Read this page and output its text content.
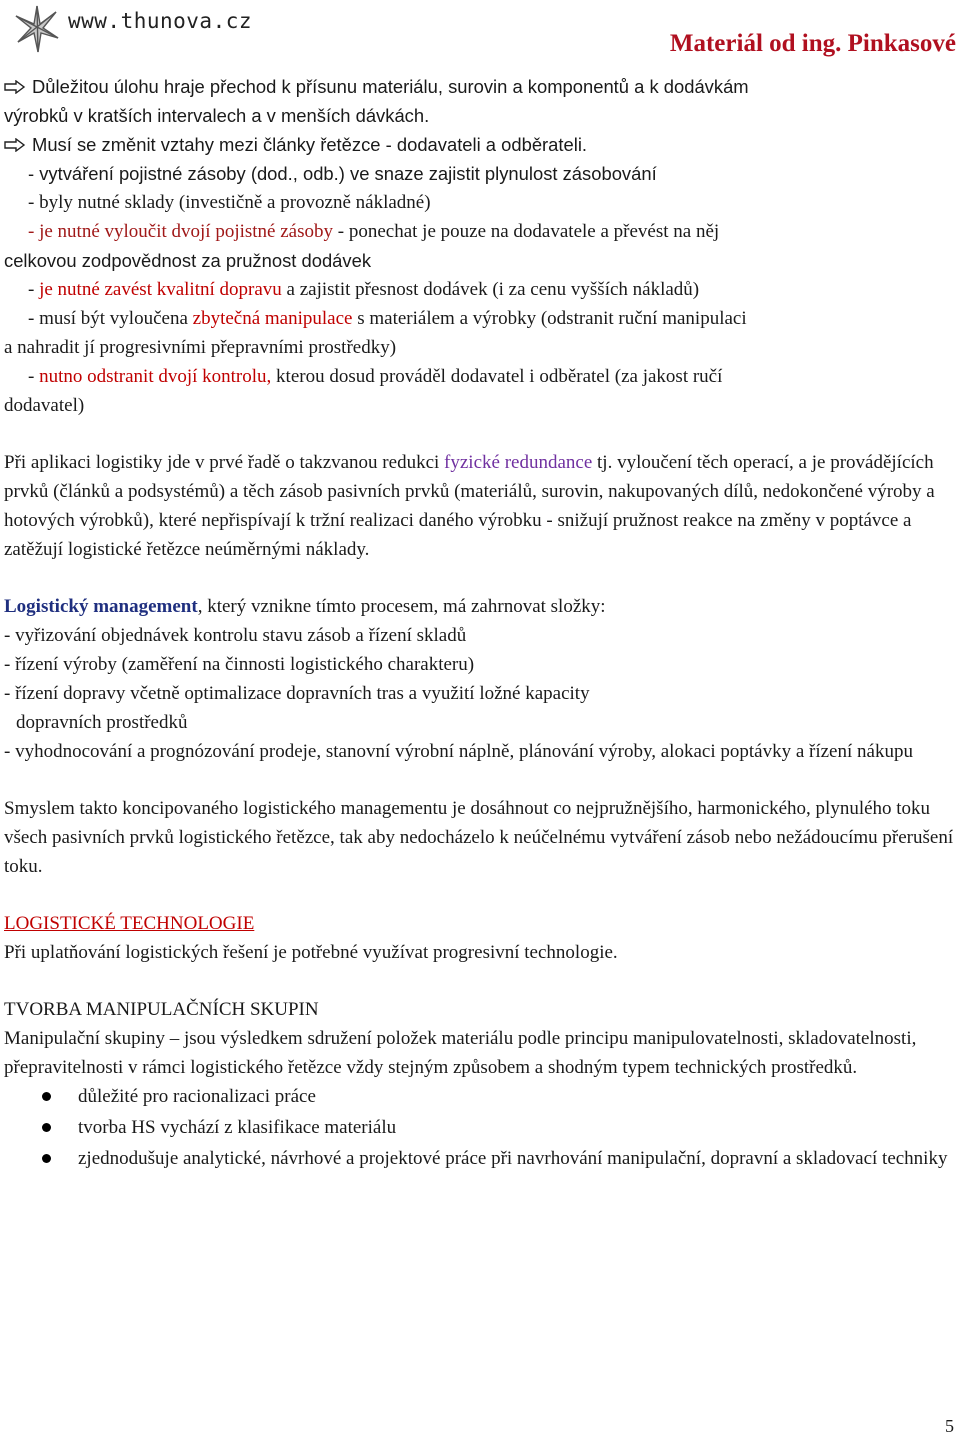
www.thunova.cz
Materiál od ing. Pinkasové

Důležitou úlohu hraje přechod k přísunu materiálu, surovin a komponentů a k dodávkám

výrobků v kratších intervalech a v menších dávkách.

Musí se změnit vztahy mezi články řetězce - dodavateli a odběrateli.

- vytváření pojistné zásoby (dod., odb.) ve snaze zajistit plynulost zásobování

- byly nutné sklady (investičně a provozně nákladné)

- je nutné vyloučit dvojí pojistné zásoby - ponechat je pouze na dodavatele a převést na něj

celkovou zodpovědnost za pružnost dodávek

- je nutné zavést kvalitní dopravu a zajistit přesnost dodávek (i za cenu vyšších nákladů)

- musí být vyloučena zbytečná manipulace s materiálem a výrobky (odstranit ruční manipulaci

a nahradit jí progresivními přepravními prostředky)

- nutno odstranit dvojí kontrolu, kterou dosud prováděl dodavatel i odběratel (za jakost ručí

dodavatel)

Při aplikaci logistiky jde v prvé řadě o takzvanou redukci fyzické redundance tj. vyloučení těch operací, a je provádějících prvků (článků a podsystémů) a těch zásob pasivních prvků (materiálů, surovin, nakupovaných dílů, nedokončené výroby a hotových výrobků), které nepřispívají k tržní realizaci daného výrobku - snižují pružnost reakce na změny v poptávce a zatěžují logistické řetězce neúměrnými náklady.

Logistický management, který vznikne tímto procesem, má zahrnovat složky:

- vyřizování objednávek kontrolu stavu zásob a řízení skladů

- řízení výroby (zaměření na činnosti logistického charakteru)

- řízení dopravy včetně optimalizace dopravních tras a využití ložné kapacity

dopravních prostředků

- vyhodnocování a prognózování prodeje, stanovní výrobní náplně, plánování výroby, alokaci poptávky a řízení nákupu

Smyslem takto koncipovaného logistického managementu je dosáhnout co nejpružnějšího, harmonického, plynulého toku všech pasivních prvků logistického řetězce, tak aby nedocházelo k neúčelnému vytváření zásob nebo nežádoucímu přerušení toku.

LOGISTICKÉ TECHNOLOGIE

Při uplatňování logistických řešení je potřebné využívat progresivní technologie.

TVORBA MANIPULAČNÍCH SKUPIN

Manipulační skupiny – jsou výsledkem sdružení položek materiálu podle principu manipulovatelnosti, skladovatelnosti, přepravitelnosti v rámci logistického řetězce vždy stejným způsobem a shodným typem technických prostředků.

důležité pro racionalizaci práce
tvorba HS vychází z klasifikace materiálu
zjednodušuje analytické, návrhové a projektové práce při navrhování manipulační, dopravní a skladovací techniky
5
